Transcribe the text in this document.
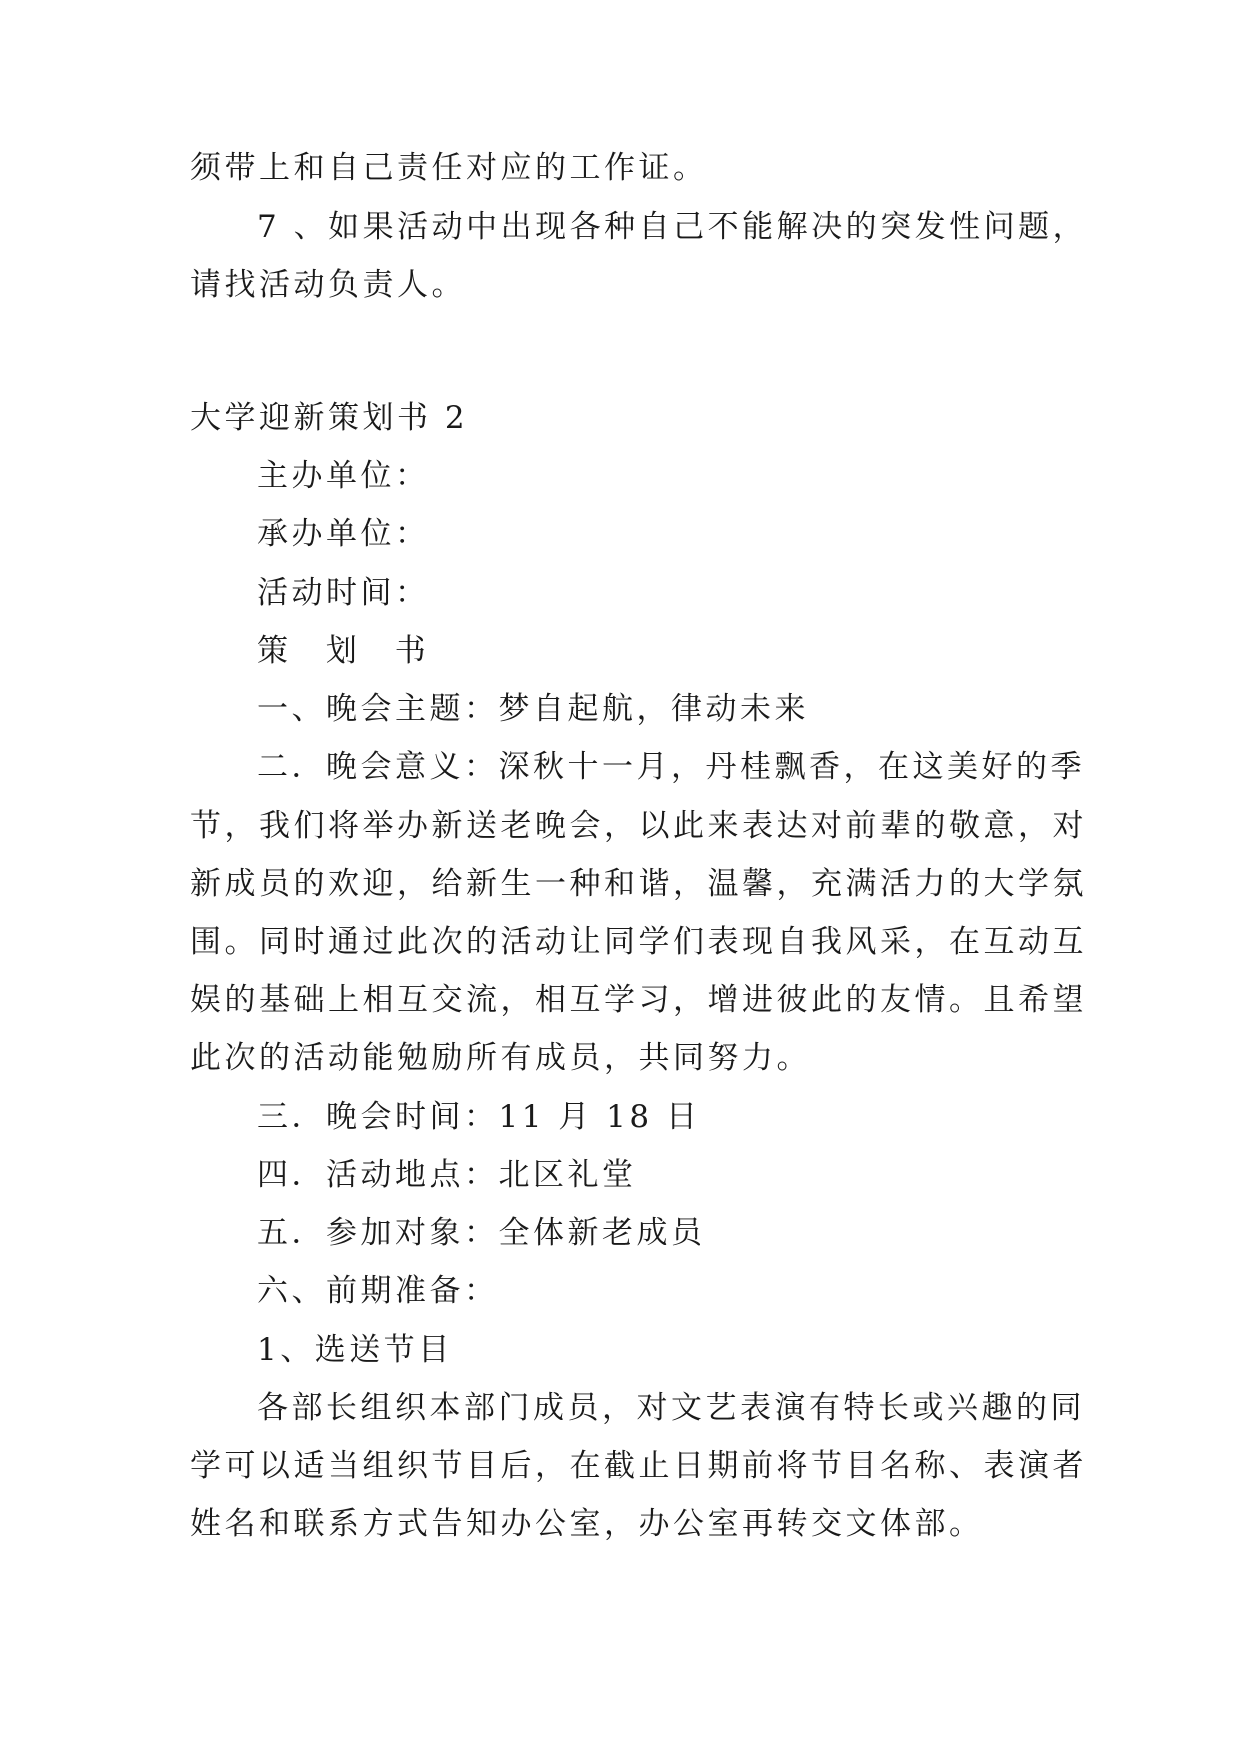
须带上和自己责任对应的工作证。
7 、如果活动中出现各种自己不能解决的突发性问题，
请找活动负责人。
大学迎新策划书 2
主办单位：
承办单位：
活动时间：
策 划 书
一、晚会主题：梦自起航，律动未来
二．晚会意义：深秋十一月，丹桂飘香，在这美好的季
节，我们将举办新送老晚会，以此来表达对前辈的敬意，对
新成员的欢迎，给新生一种和谐，温馨，充满活力的大学氛
围。同时通过此次的活动让同学们表现自我风采，在互动互
娱的基础上相互交流，相互学习，增进彼此的友情。且希望
此次的活动能勉励所有成员，共同努力。
三．晚会时间：11 月 18 日
四．活动地点：北区礼堂
五．参加对象：全体新老成员
六、前期准备：
1、选送节目
各部长组织本部门成员，对文艺表演有特长或兴趣的同
学可以适当组织节目后，在截止日期前将节目名称、表演者
姓名和联系方式告知办公室，办公室再转交文体部。
